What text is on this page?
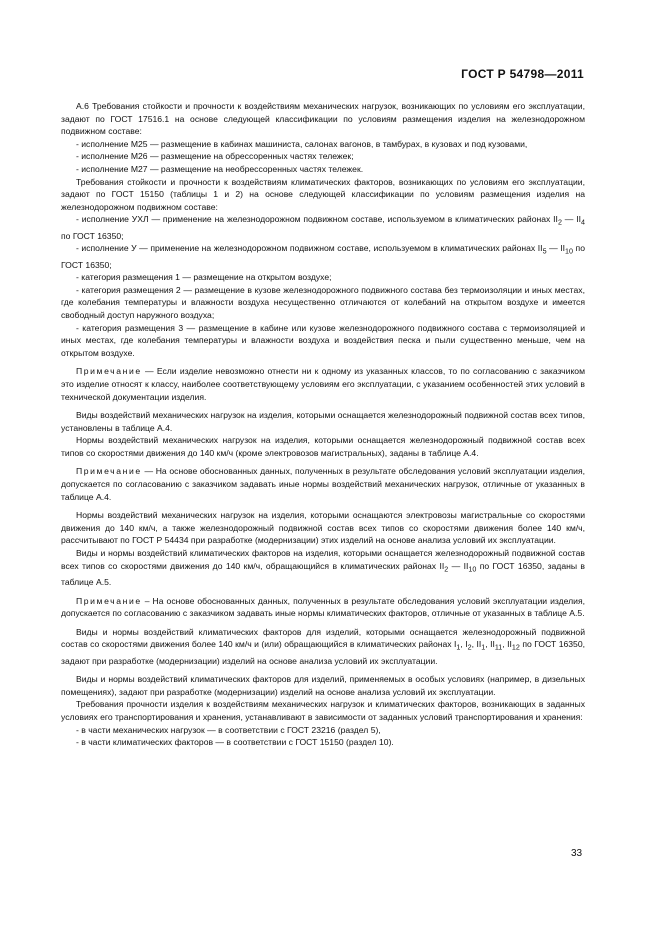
ГОСТ Р 54798—2011

А.6 Требования стойкости и прочности к воздействиям механических нагрузок, возникающих по условиям его эксплуатации, задают по ГОСТ 17516.1 на основе следующей классификации по условиям размещения изделия на железнодорожном подвижном составе:

- исполнение М25 — размещение в кабинах машиниста, салонах вагонов, в тамбурах, в кузовах и под кузовами,

- исполнение М26 — размещение на обрессоренных частях тележек;

- исполнение М27 — размещение на необрессоренных частях тележек.

Требования стойкости и прочности к воздействиям климатических факторов, возникающих по условиям его эксплуатации, задают по ГОСТ 15150 (таблицы 1 и 2) на основе следующей классификации по условиям размещения изделия на железнодорожном подвижном составе:

- исполнение УХЛ — применение на железнодорожном подвижном составе, используемом в климатических районах $II_2$ — $II_4$ по ГОСТ 16350;

- исполнение У — применение на железнодорожном подвижном составе, используемом в климатических районах $II_5$ — $II_{10}$ по ГОСТ 16350;

- категория размещения 1 — размещение на открытом воздухе;

- категория размещения 2 — размещение в кузове железнодорожного подвижного состава без термоизоляции и иных местах, где колебания температуры и влажности воздуха несущественно отличаются от колебаний на открытом воздухе и имеется свободный доступ наружного воздуха;

- категория размещения 3 — размещение в кабине или кузове железнодорожного подвижного состава с термоизоляцией и иных местах, где колебания температуры и влажности воздуха и воздействия песка и пыли существенно меньше, чем на открытом воздухе.

Примечание — Если изделие невозможно отнести ни к одному из указанных классов, то по согласованию с заказчиком это изделие относят к классу, наиболее соответствующему условиям его эксплуатации, с указанием особенностей этих условий в технической документации изделия.

Виды воздействий механических нагрузок на изделия, которыми оснащается железнодорожный подвижной состав всех типов, установлены в таблице А.4.

Нормы воздействий механических нагрузок на изделия, которыми оснащается железнодорожный подвижной состав всех типов со скоростями движения до 140 км/ч (кроме электровозов магистральных), заданы в таблице А.4.

Примечание — На основе обоснованных данных, полученных в результате обследования условий эксплуатации изделия, допускается по согласованию с заказчиком задавать иные нормы воздействий механических нагрузок, отличные от указанных в таблице А.4.

Нормы воздействий механических нагрузок на изделия, которыми оснащаются электровозы магистральные со скоростями движения до 140 км/ч, а также железнодорожный подвижной состав всех типов со скоростями движения более 140 км/ч, рассчитывают по ГОСТ Р 54434 при разработке (модернизации) этих изделий на основе анализа условий их эксплуатации.

Виды и нормы воздействий климатических факторов на изделия, которыми оснащается железнодорожный подвижной состав всех типов со скоростями движения до 140 км/ч, обращающийся в климатических районах $II_2$ — $II_{10}$ по ГОСТ 16350, заданы в таблице А.5.

Примечание – На основе обоснованных данных, полученных в результате обследования условий эксплуатации изделия, допускается по согласованию с заказчиком задавать иные нормы климатических факторов, отличные от указанных в таблице А.5.

Виды и нормы воздействий климатических факторов для изделий, которыми оснащается железнодорожный подвижной состав со скоростями движения более 140 км/ч и (или) обращающийся в климатических районах $I_1$, $I_2$, $II_1$, $II_{11}$, $II_{12}$ по ГОСТ 16350, задают при разработке (модернизации) изделий на основе анализа условий их эксплуатации.

Виды и нормы воздействий климатических факторов для изделий, применяемых в особых условиях (например, в дизельных помещениях), задают при разработке (модернизации) изделий на основе анализа условий их эксплуатации.

Требования прочности изделия к воздействиям механических нагрузок и климатических факторов, возникающих в заданных условиях его транспортирования и хранения, устанавливают в зависимости от заданных условий транспортирования и хранения:

- в части механических нагрузок — в соответствии с ГОСТ 23216 (раздел 5),

- в части климатических факторов — в соответствии с ГОСТ 15150 (раздел 10).

33
